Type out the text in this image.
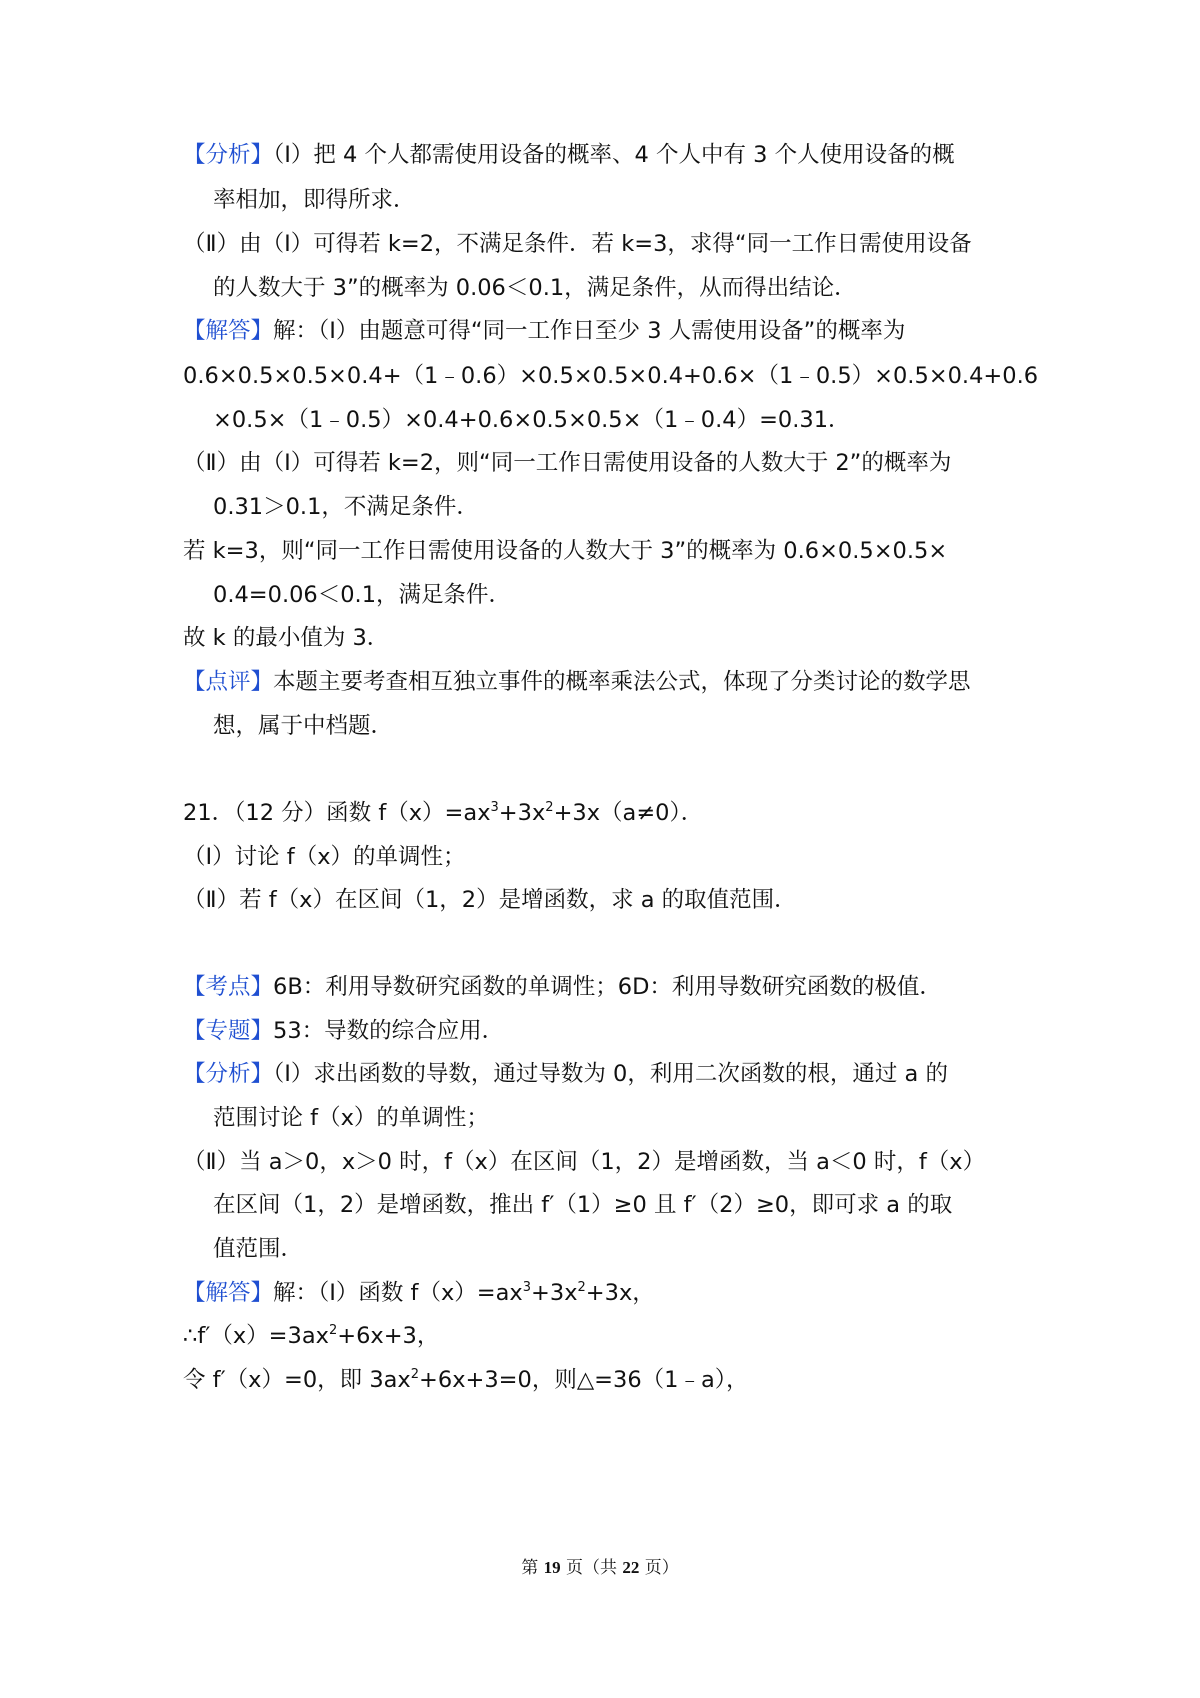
【分析】（Ⅰ）把 4 个人都需使用设备的概率、4 个人中有 3 个人使用设备的概
率相加，即得所求．
（Ⅱ）由（Ⅰ）可得若 k=2，不满足条件．若 k=3，求得“同一工作日需使用设备
的人数大于 3”的概率为 0.06＜0.1，满足条件，从而得出结论．
【解答】解：（Ⅰ）由题意可得“同一工作日至少 3 人需使用设备”的概率为
0.6×0.5×0.5×0.4+（1﹣0.6）×0.5×0.5×0.4+0.6×（1﹣0.5）×0.5×0.4+0.6
×0.5×（1﹣0.5）×0.4+0.6×0.5×0.5×（1﹣0.4）=0.31．
（Ⅱ）由（Ⅰ）可得若 k=2，则“同一工作日需使用设备的人数大于 2”的概率为
0.31＞0.1，不满足条件．
若 k=3，则“同一工作日需使用设备的人数大于 3”的概率为 0.6×0.5×0.5×
0.4=0.06＜0.1，满足条件．
故 k 的最小值为 3．
【点评】本题主要考查相互独立事件的概率乘法公式，体现了分类讨论的数学思
想，属于中档题．
21．（12 分）函数 $f(x)=ax^3+3x^2+3x(a\ne 0)$．
（Ⅰ）讨论 f（x）的单调性；
（Ⅱ）若 f（x）在区间（1，2）是增函数，求 a 的取值范围．
【考点】6B：利用导数研究函数的单调性；6D：利用导数研究函数的极值．
【专题】53：导数的综合应用．
【分析】（Ⅰ）求出函数的导数，通过导数为 0，利用二次函数的根，通过 a 的
范围讨论 f（x）的单调性；
（Ⅱ）当 a＞0，x＞0 时，f（x）在区间（1，2）是增函数，当 a＜0 时，f（x）
在区间（1，2）是增函数，推出 f′（1）≥0 且 f′（2）≥0，即可求 a 的取
值范围．
【解答】解：（Ⅰ）函数 $f(x)=ax^3+3x^2+3x$，
$\therefore f'(x)=3ax^2+6x+3$，
令 f′（x）=0，即 $3ax^2+6x+3=0$，则△=36（1﹣a），
第 19 页（共 22 页）
